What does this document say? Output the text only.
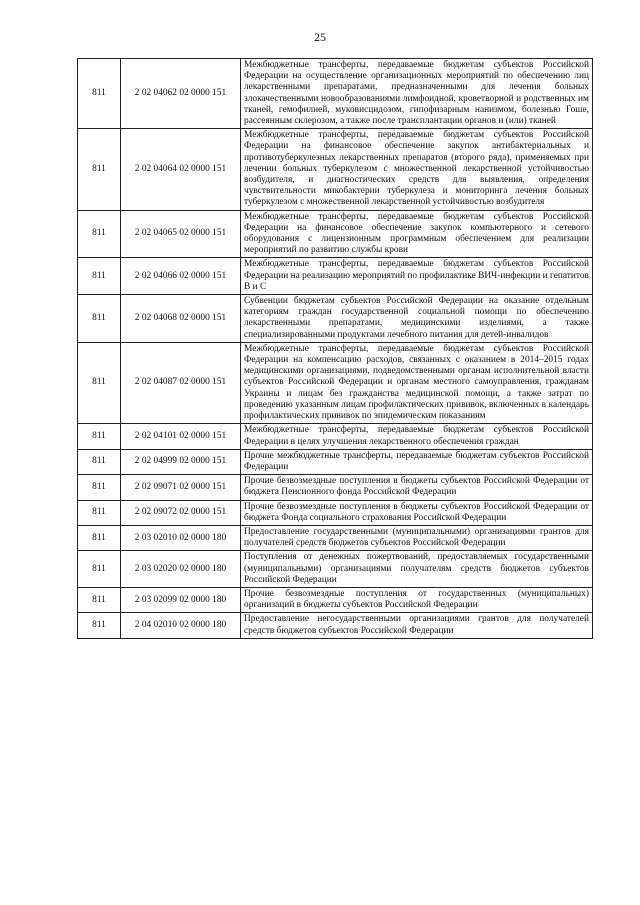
25
811	2 02 04062 02 0000 151	Межбюджетные трансферты, передаваемые бюджетам субъектов Российской Федерации на осуществление организационных мероприятий по обеспечению лиц лекарственными препаратами, предназначенными для лечения больных злокачественными новообразованиями лимфоидной, кроветворной и родственных им тканей, гемофилией, муковисцидозом, гипофизарным нанизмом, болезнью Гоше, рассеянным склерозом, а также после трансплантации органов и (или) тканей
811	2 02 04064 02 0000 151	Межбюджетные трансферты, передаваемые бюджетам субъектов Российской Федерации на финансовое обеспечение закупок антибактериальных и противотуберкулезных лекарственных препаратов (второго ряда), применяемых при лечении больных туберкулезом с множественной лекарственной устойчивостью возбудителя, и диагностических средств для выявления, определения чувствительности микобактерии туберкулеза и мониторинга лечения больных туберкулезом с множественной лекарственной устойчивостью возбудителя
811	2 02 04065 02 0000 151	Межбюджетные трансферты, передаваемые бюджетам субъектов Российской Федерации на финансовое обеспечение закупок компьютерного и сетевого оборудования с лицензионным программным обеспечением для реализации мероприятий по развитию службы крови
811	2 02 04066 02 0000 151	Межбюджетные трансферты, передаваемые бюджетам субъектов Российской Федерации на реализацию мероприятий по профилактике ВИЧ-инфекции и гепатитов B и C
811	2 02 04068 02 0000 151	Субвенции бюджетам субъектов Российской Федерации на оказание отдельным категориям граждан государственной социальной помощи по обеспечению лекарственными препаратами, медицинскими изделиями, а также специализированными продуктами лечебного питания для детей-инвалидов
811	2 02 04087 02 0000 151	Межбюджетные трансферты, передаваемые бюджетам субъектов Российской Федерации на компенсацию расходов, связанных с оказанием в 2014–2015 годах медицинскими организациями, подведомственными органам исполнительной власти субъектов Российской Федерации и органам местного самоуправления, гражданам Украины и лицам без гражданства медицинской помощи, а также затрат по проведению указанным лицам профилактических прививок, включенных в календарь профилактических прививок по эпидемическим показаниям
811	2 02 04101 02 0000 151	Межбюджетные трансферты, передаваемые бюджетам субъектов Российской Федерации в целях улучшения лекарственного обеспечения граждан
811	2 02 04999 02 0000 151	Прочие межбюджетные трансферты, передаваемые бюджетам субъектов Российской Федерации
811	2 02 09071 02 0000 151	Прочие безвозмездные поступления в бюджеты субъектов Российской Федерации от бюджета Пенсионного фонда Российской Федерации
811	2 02 09072 02 0000 151	Прочие безвозмездные поступления в бюджеты субъектов Российской Федерации от бюджета Фонда социального страхования Российской Федерации
811	2 03 02010 02 0000 180	Предоставление государственными (муниципальными) организациями грантов для получателей средств бюджетов субъектов Российской Федерации
811	2 03 02020 02 0000 180	Поступления от денежных пожертвований, предоставляемых государственными (муниципальными) организациями получателям средств бюджетов субъектов Российской Федерации
811	2 03 02099 02 0000 180	Прочие безвозмездные поступления от государственных (муниципальных) организаций в бюджеты субъектов Российской Федерации
811	2 04 02010 02 0000 180	Предоставление негосударственными организациями грантов для получателей средств бюджетов субъектов Российской Федерации
